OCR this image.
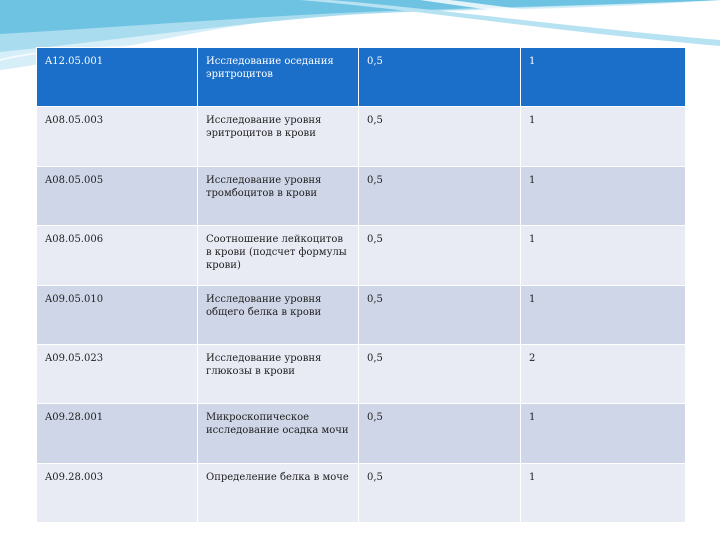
A12.05.001	Исследование оседания эритроцитов	0,5	1
A08.05.003	Исследование уровня эритроцитов в крови	0,5	1
A08.05.005	Исследование уровня тромбоцитов в крови	0,5	1
A08.05.006	Соотношение лейкоцитов в крови (подсчет формулы крови)	0,5	1
A09.05.010	Исследование уровня общего белка в крови	0,5	1
A09.05.023	Исследование уровня глюкозы в крови	0,5	2
A09.28.001	Микроскопическое исследование осадка мочи	0,5	1
A09.28.003	Определение белка в моче	0,5	1
